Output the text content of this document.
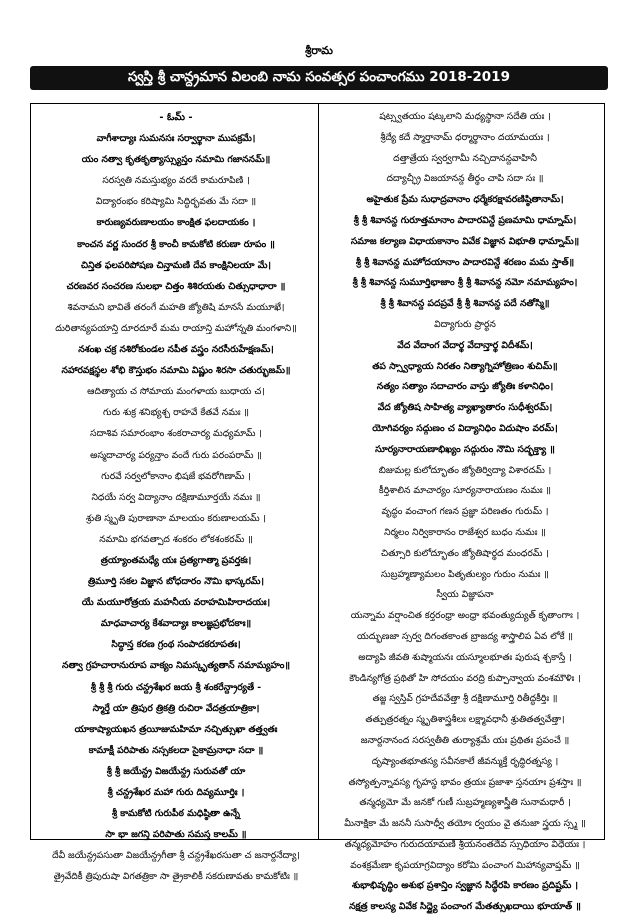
శ్రీరామ
స్వస్తి శ్రీ చాన్ద్రమాన విలంబి నామ సంవత్సర పంచాంగము 2018-2019
- ఓమ్ -
వాగీశాద్యాః సుమనసః సర్వార్థానా ముపక్రమే।
యం నత్వా కృతకృత్యాస్స్యుస్తం నమామి గజాననమ్॥
సరస్వతి నమస్తుభ్యం వరదే కామరూపిణి ।
విద్యారంభం కరిష్యామి సిద్ధిర్భవతు మే సదా ॥
కారుణ్యవరుణాలయం కాంక్షిత ఫలదాయకం ।
కాంచన వర్ణ సుందర శ్రీ కాంచీ కామకోటి కరుణా రూపం ॥
చిన్తిత ఫలపరిపోషణ చిన్తామణి దేవ కాంక్షినిలయా మే।
చరణవర సంచరణ సులభా చిత్తం శిశిరయతు చిత్సుధాధారా ॥
శివనామని భావితే తరంగే మహతి జ్యోతిషి మానసే మయూఖే।
దురితాన్యపయాన్తి దూరదూరే మమ రాయాన్తి మహోన్నతి మంగళాని॥
నశంఖ చక్ర నశిరోకుండల నపీత వస్త్రం నరసీరుహేక్షణమ్।
నహారవక్షస్థల శోభి కౌస్తుభం నమామి విష్ణుం శిరసా చతుర్భుజమ్॥
ఆదిత్యాయ చ సోమాయ మంగళాయ బుధాయ చ।
గురు శుక్ర శనిభ్యశ్చ రాహవే కేతవే నమః ॥
సదాశివ సమారంభాం శంకరాచార్య మధ్యమామ్ ।
అస్మదాచార్య పర్యన్తాం వందే గురు పరంపరామ్ ॥
గురవే సర్వలోకానాం భిషజే భవరోగిణామ్ ।
నిధయే సర్వ విద్యానాం దక్షిణామూర్తయే నమః ॥
శ్రుతి స్మృతి పురాణానా మాలయం కరుణాలయమ్ ।
నమామి భగవత్పాద శంకరం లోకశంకరమ్ ॥
త్రయ్యాంతమధ్యే యః ప్రత్యగాత్మా ప్రవర్తకః।
త్రిమూర్తి సకల విజ్ఞాన బోధదారం నౌమి భాస్కరమ్।
యే మయూరోత్రయ మహనీయ వరాహమిహిరాదయః।
మాధవాచార్య కేశవాద్యాః కాలజ్ఞప్రభోదకాః॥
సిద్ధాన్త కరణ గ్రంథ సంపాదకరూపతః।
నత్వా గ్రహచారానురూప వాక్యం నిమస్కృత్యతాన్ నమామ్యహం॥
శ్రీ శ్రీ శ్రీ గురు చన్ద్రశేఖర జయ శ్రీ శంకరేన్ద్రార్యతే -
స్మార్తే యా త్రిపుర త్రికత్రి రుచిరా వేదత్రయాత్రికా।
యాకాష్యాయఖన త్రయీజుమహిమా నచ్చిత్సుఖా తత్త్వతః
కామాక్షీ పరిపాతు నస్సకలదా సైకామ్రనాధా సదా ॥
శ్రీ శ్రీ జయేన్ద్ర విజయేన్ద్ర సురువతో యా
శ్రీ చన్ద్రశేఖర మహా గురు దివ్యమూర్తిః ।
శ్రీ కామకోటి గురుపీఠ మధిష్ఠితా ఉన్నే
సా భా జగన్తి పరిపాతు సమస్త కాలమ్ ॥
దేవీ జయేన్ద్రపసుతా విజయేన్ద్రగీతా శ్రీ చన్ద్రశేఖరసుతా చ జనార్దనేద్యా।
త్రైవేదికీ త్రిపురుషా విగతత్రికా సా త్రైకాలికీ సకరుణావతు కామకోటిః ॥
షట్స్వతయం షట్కలాని మధ్యస్థానా సదేతి యః ।
శ్రీద్యే కదే స్మార్తానామ్ ధర్మార్థానాం దయామయః ।
దత్తాత్రేయ స్వర్వగామీ నచ్చిదానన్దవాహినీ
దద్యాచ్ఛ్రీ విజయానన్ద తీర్థం చాపి సదా సః ॥
అహైతుక ప్రేమ సుధాద్రవానాం ధర్మేకరక్షావరణిష్ఠితానామ్।
శ్రీ శ్రీ శివానన్ద గురూత్తమానాం పాదారవిన్దే ప్రణమామి ధామ్నామ్।
సమాజ కల్యాణ విధాయకానాం వివేక విజ్ఞాన విభూతి ధామ్నామ్॥
శ్రీ శ్రీ శివానన్ద మహోదయానాం పాదారవిన్దే శరణం మమ స్తాత్॥
శ్రీ శ్రీ శివానన్ద సుమూర్తిభాజాం శ్రీ శ్రీ శివానన్ద నమో నమామ్యహం।
శ్రీ శ్రీ శివానన్ద పదప్రవే శ్రీ శ్రీ శివానన్ద పదే నతోస్మి॥
విద్యాగురు ప్రార్థన
వేద వేదాంగ వేదార్థ వేదాన్తార్థ విదీశమ్।
తప స్స్వాధ్యాయ నిరతం నిత్యాగ్నిహోత్రిణం శుచిమ్॥
నత్యం సత్యాం సదాచారం వాస్తు జ్యోతిః కళానిధిం।
వేద జ్యోతిష సాహిత్య వ్యాఖ్యాతారం సుధీశ్వరమ్।
యోగివర్యం సద్గుణం చ విద్యానిధిం విదుషాం వరమ్।
సూర్యనారాయణాభిఖ్యం సద్గురుం నౌమి సద్భక్త్యా ॥
బిజుమల్ల కులోద్భూతం జ్యోతిర్విద్యా విశారదమ్ ।
కీర్తిశాలిన మాచార్యం సూర్యనారాయణం నుమః ॥
వృద్ధం వంచాంగ గణన ప్రజ్ఞా పరిణతం గురుమ్ ।
నిర్మలం నిర్వికారానం రాజేశ్వర బుధం నుమః ॥
చిత్సూరి కులోద్భూతం జ్యోతిషార్థద మంధరమ్ ।
సుబ్రహ్మణ్యామలం పితృతుల్యం గురుం నుమః ॥
స్వీయ విజ్ఞాపనా
యన్నామ వర్షాంచిత కర్తరంధ్రా అంధ్రా భవంత్యుద్యుత్ కృతాంగాః ।
యద్భుణజా స్సర్వ దిగంతకాంత బ్రాజద్య శాస్త్రాలిప ఏవ లోకే ॥
అద్యాపి జీవతి శుష్మాయనః యస్మూలభూతః పురుష శ్చకాస్తే ।
కౌండిన్యగోత్ర ప్రథితో హి సోదయం వరద్రి కుప్పాన్వాయ వంశమౌళిః ।
తజ్జ స్వస్తివ్ గ్రహదేవవేత్తా శ్రీ దక్షిణామూర్తి రితీద్ధకీర్తిః ॥
తత్పుత్రరత్నం స్మృతిశాస్త్రశీలః లక్ష్మావధానీ శ్రుతితత్వవేత్తా।
జనార్దనానంద సరస్వతీతి తుర్యాశ్రమే యః ప్రథితః ప్రపంచే ॥
దృష్యాంతభూతస్య సవీనకాలే జీవన్ముక్తే రృద్ధిరత్నస్య ।
తస్యోత్పన్నావస్య గృహస్థ భావం త్రయః ప్రజాశా స్తనయాః ప్రశస్తాః ॥
తన్మధ్యమో మే జనకో గుణీ సుబ్రహ్మణ్యశాస్త్రీతి సునామధారీ ।
మీనాక్షికా మే జననీ సుసాధ్వీ తయోః ర్వయం వై తనుజా స్త్రయ స్స్మ ॥
తన్మధ్యమోహం గురుదయామణి శ్రీయనంతదేవ స్సుధియాం విధేయః ।
వంశక్రమేణా కృపయాగ్రవిద్యాం కరోమి పంచాంగ మిహాన్యవాప్తమ్ ॥
శుభాభివృద్ధిం అశుభ ప్రశాన్తిం స్వజ్ఞాన సిద్ధేరపి కారణం ప్రదిష్టమ్ ।
నక్షత్ర కాలస్య వివేక సిద్ధ్యై పంచాంగ మేతత్సుఖదాయి భూయాత్ ॥
